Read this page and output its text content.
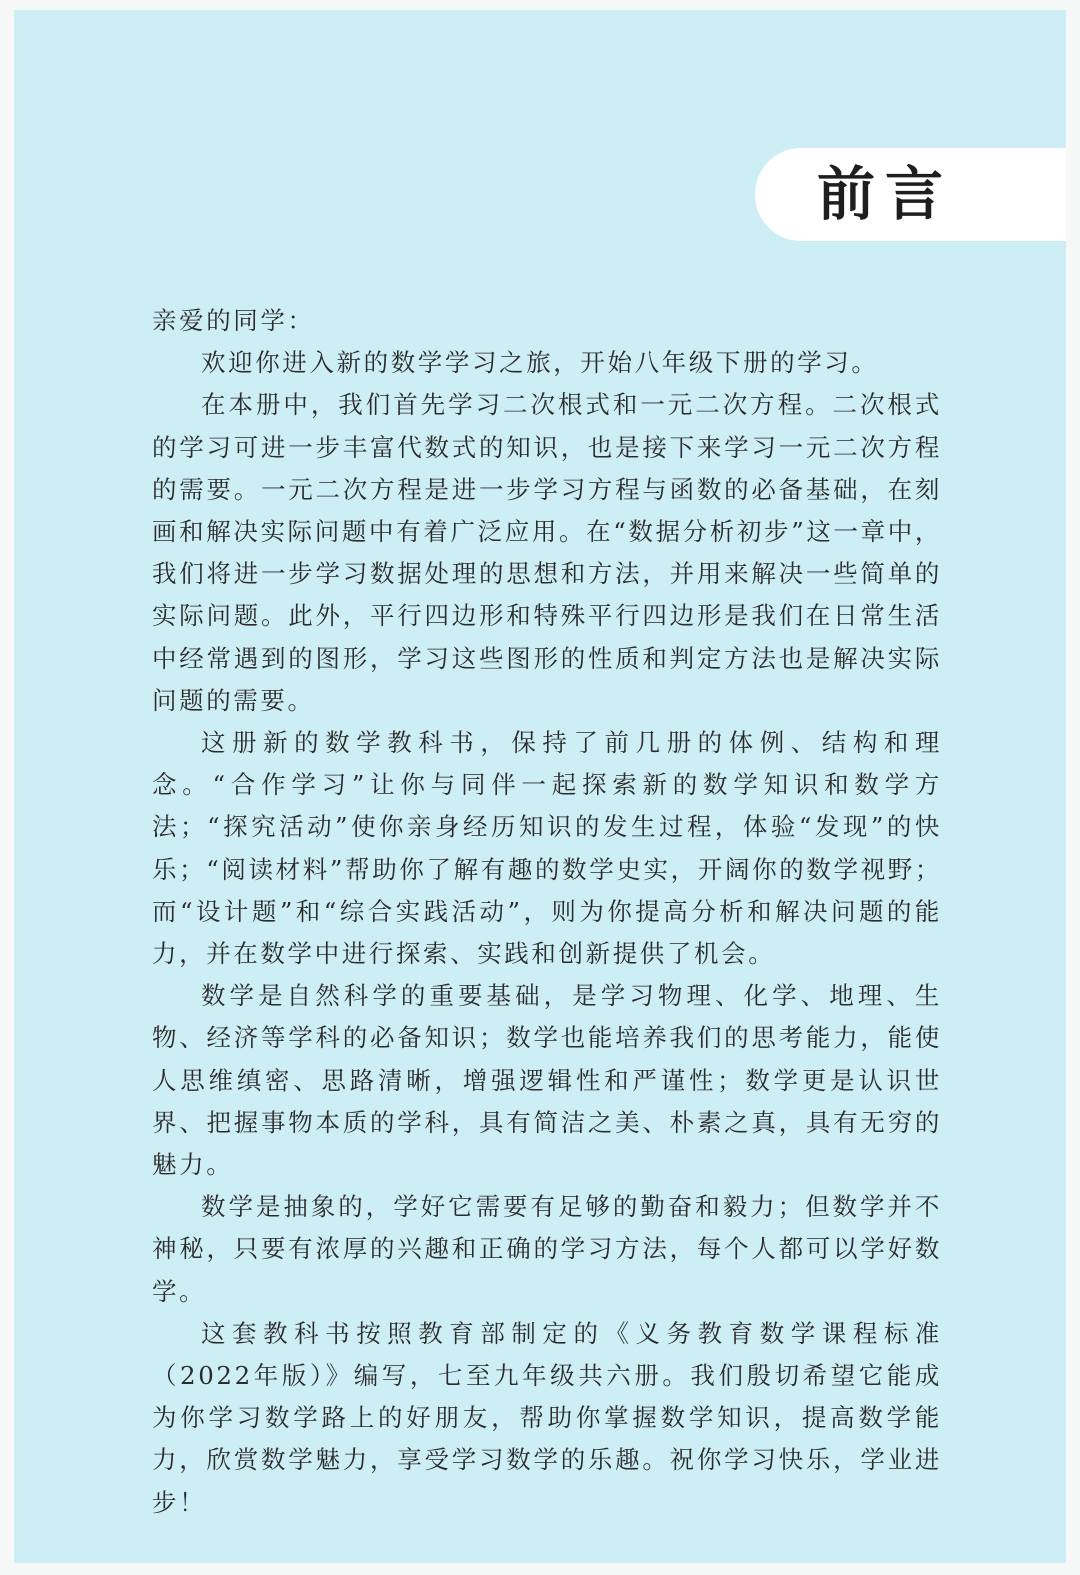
前言

亲爱的同学：

欢迎你进入新的数学学习之旅，开始八年级下册的学习。

在本册中，我们首先学习二次根式和一元二次方程。二次根式的学习可进一步丰富代数式的知识，也是接下来学习一元二次方程的需要。一元二次方程是进一步学习方程与函数的必备基础，在刻画和解决实际问题中有着广泛应用。在“数据分析初步”这一章中，我们将进一步学习数据处理的思想和方法，并用来解决一些简单的实际问题。此外，平行四边形和特殊平行四边形是我们在日常生活中经常遇到的图形，学习这些图形的性质和判定方法也是解决实际问题的需要。

这册新的数学教科书，保持了前几册的体例、结构和理念。“合作学习”让你与同伴一起探索新的数学知识和数学方法；“探究活动”使你亲身经历知识的发生过程，体验“发现”的快乐；“阅读材料”帮助你了解有趣的数学史实，开阔你的数学视野；而“设计题”和“综合实践活动”，则为你提高分析和解决问题的能力，并在数学中进行探索、实践和创新提供了机会。

数学是自然科学的重要基础，是学习物理、化学、地理、生物、经济等学科的必备知识；数学也能培养我们的思考能力，能使人思维缜密、思路清晰，增强逻辑性和严谨性；数学更是认识世界、把握事物本质的学科，具有简洁之美、朴素之真，具有无穷的魅力。

数学是抽象的，学好它需要有足够的勤奋和毅力；但数学并不神秘，只要有浓厚的兴趣和正确的学习方法，每个人都可以学好数学。

这套教科书按照教育部制定的《义务教育数学课程标准（2022年版）》编写，七至九年级共六册。我们殷切希望它能成为你学习数学路上的好朋友，帮助你掌握数学知识，提高数学能力，欣赏数学魅力，享受学习数学的乐趣。祝你学习快乐，学业进步！
